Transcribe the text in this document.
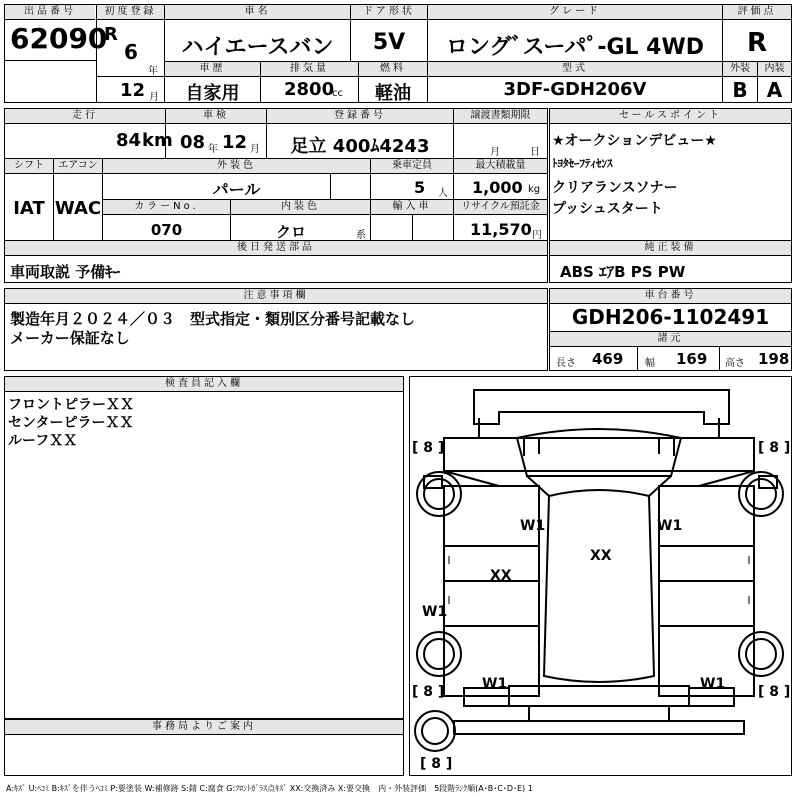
出品番号
62090
初度登録
R
6
年
12 月
車名
ハイエースバン
ドア形状
5V
グレード
ロングﾞスーパﾟ-GL 4WD
評価点
R
外装	内装
B A
車歴
自家用
排気量
2800
cc
燃料
軽油
型式
3DF-GDH206V
走行
84 km
車検
08 年 12 月
登録番号
足立 400ﾑ4243
譲渡書類期限
月	日
シフト	エアコン
IAT WAC
外装色
パール
乗車定員
5 人
最大積載量
1,000 kg
カラーNo.
070
内装色
クロ	系
輸入車	リサイクル預託金
11,570 円
後日発送部品
車両取説 予備ｷｰ
セールスポイント
★オークションデビュー★
ﾄﾖﾀｾｰﾌﾃｨｾﾝｽ
クリアランスソナー
プッシュスタート
純正装備
ABS ｴｱB PS PW
注意事項欄
製造年月２０２４／０３　型式指定・類別区分番号記載なし
メーカー保証なし
車台番号
GDH206-1102491
諸元
長さ 469 幅 169 高さ 198
検査員記入欄
フロントピラーＸＸ
センターピラーＸＸ
ルーフＸＸ
事務局よりご案内
[ 8 ]	[ 8 ]
[ 8 ]	[ 8 ]
[ 8 ]
W1	W1
W1
W1	W1
XX
XX
A:ｷｽﾞ U:ﾍｺﾐ B:ｷｽﾞを伴うﾍｺﾐ P:要塗装 W:補修跡 S:錆 C:腐食 G:ﾌﾛﾝﾄｶﾞﾗｽ点ｷｽﾞ XX:交換済み X:要交換　内・外装評価　5段階ﾗﾝｸ順(A･B･C･D･E) 1
